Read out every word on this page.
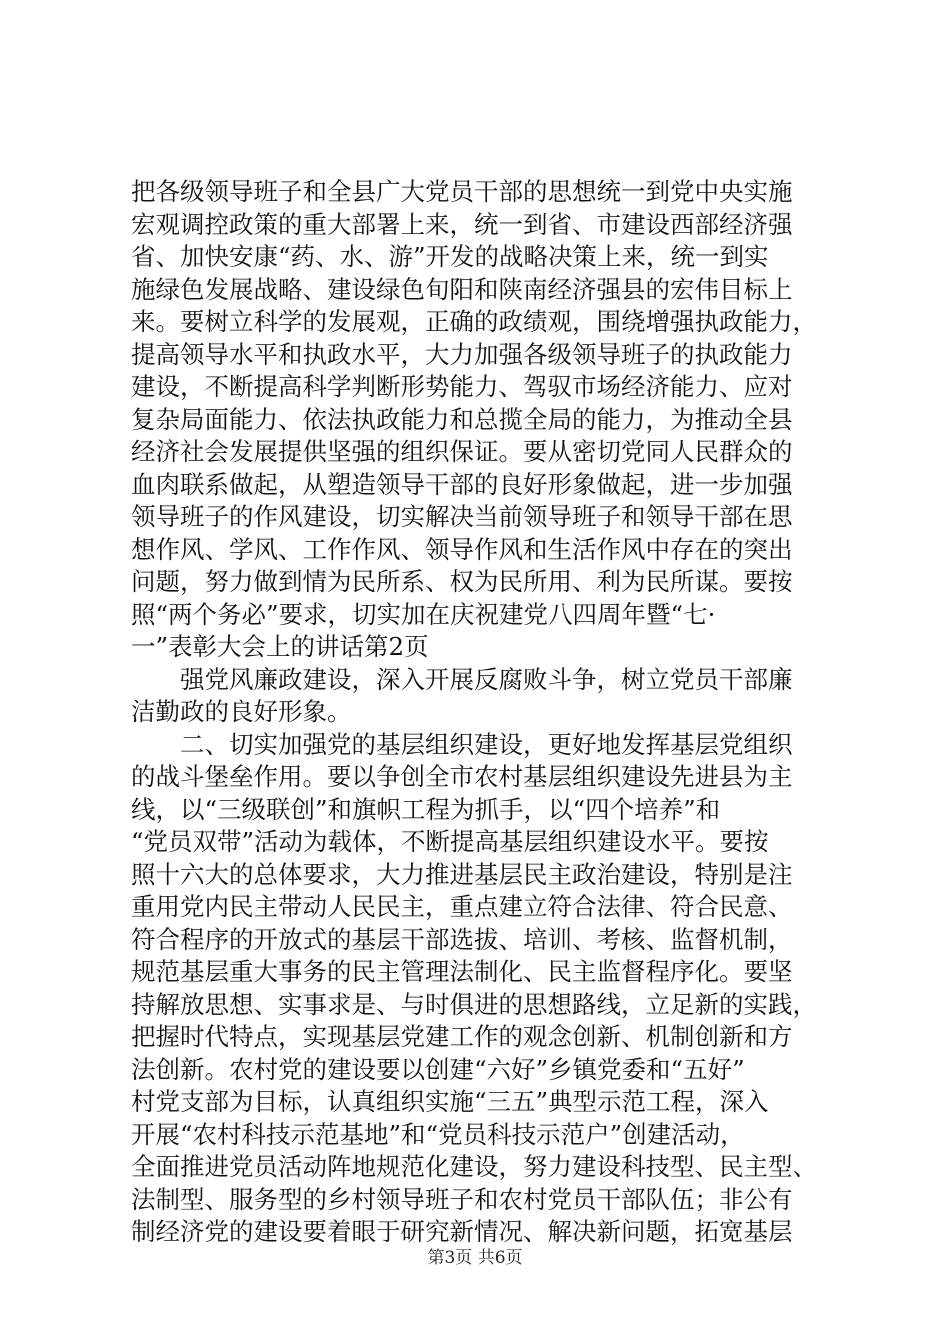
把各级领导班子和全县广大党员干部的思想统一到党中央实施
宏观调控政策的重大部署上来，统一到省、市建设西部经济强
省、加快安康“药、水、游”开发的战略决策上来，统一到实
施绿色发展战略、建设绿色旬阳和陕南经济强县的宏伟目标上
来。要树立科学的发展观，正确的政绩观，围绕增强执政能力，
提高领导水平和执政水平，大力加强各级领导班子的执政能力
建设，不断提高科学判断形势能力、驾驭市场经济能力、应对
复杂局面能力、依法执政能力和总揽全局的能力，为推动全县
经济社会发展提供坚强的组织保证。要从密切党同人民群众的
血肉联系做起，从塑造领导干部的良好形象做起，进一步加强
领导班子的作风建设，切实解决当前领导班子和领导干部在思
想作风、学风、工作作风、领导作风和生活作风中存在的突出
问题，努力做到情为民所系、权为民所用、利为民所谋。要按
照“两个务必”要求，切实加在庆祝建党八四周年暨“七·
一”表彰大会上的讲话第2页
　　强党风廉政建设，深入开展反腐败斗争，树立党员干部廉
洁勤政的良好形象。
　　二、切实加强党的基层组织建设，更好地发挥基层党组织
的战斗堡垒作用。要以争创全市农村基层组织建设先进县为主
线，以“三级联创”和旗帜工程为抓手，以“四个培养”和
“党员双带”活动为载体，不断提高基层组织建设水平。要按
照十六大的总体要求，大力推进基层民主政治建设，特别是注
重用党内民主带动人民民主，重点建立符合法律、符合民意、
符合程序的开放式的基层干部选拔、培训、考核、监督机制，
规范基层重大事务的民主管理法制化、民主监督程序化。要坚
持解放思想、实事求是、与时俱进的思想路线，立足新的实践，
把握时代特点，实现基层党建工作的观念创新、机制创新和方
法创新。农村党的建设要以创建“六好”乡镇党委和“五好”
村党支部为目标，认真组织实施“三五”典型示范工程，深入
开展“农村科技示范基地”和“党员科技示范户”创建活动，
全面推进党员活动阵地规范化建设，努力建设科技型、民主型、
法制型、服务型的乡村领导班子和农村党员干部队伍；非公有
制经济党的建设要着眼于研究新情况、解决新问题，拓宽基层
第3页 共6页
